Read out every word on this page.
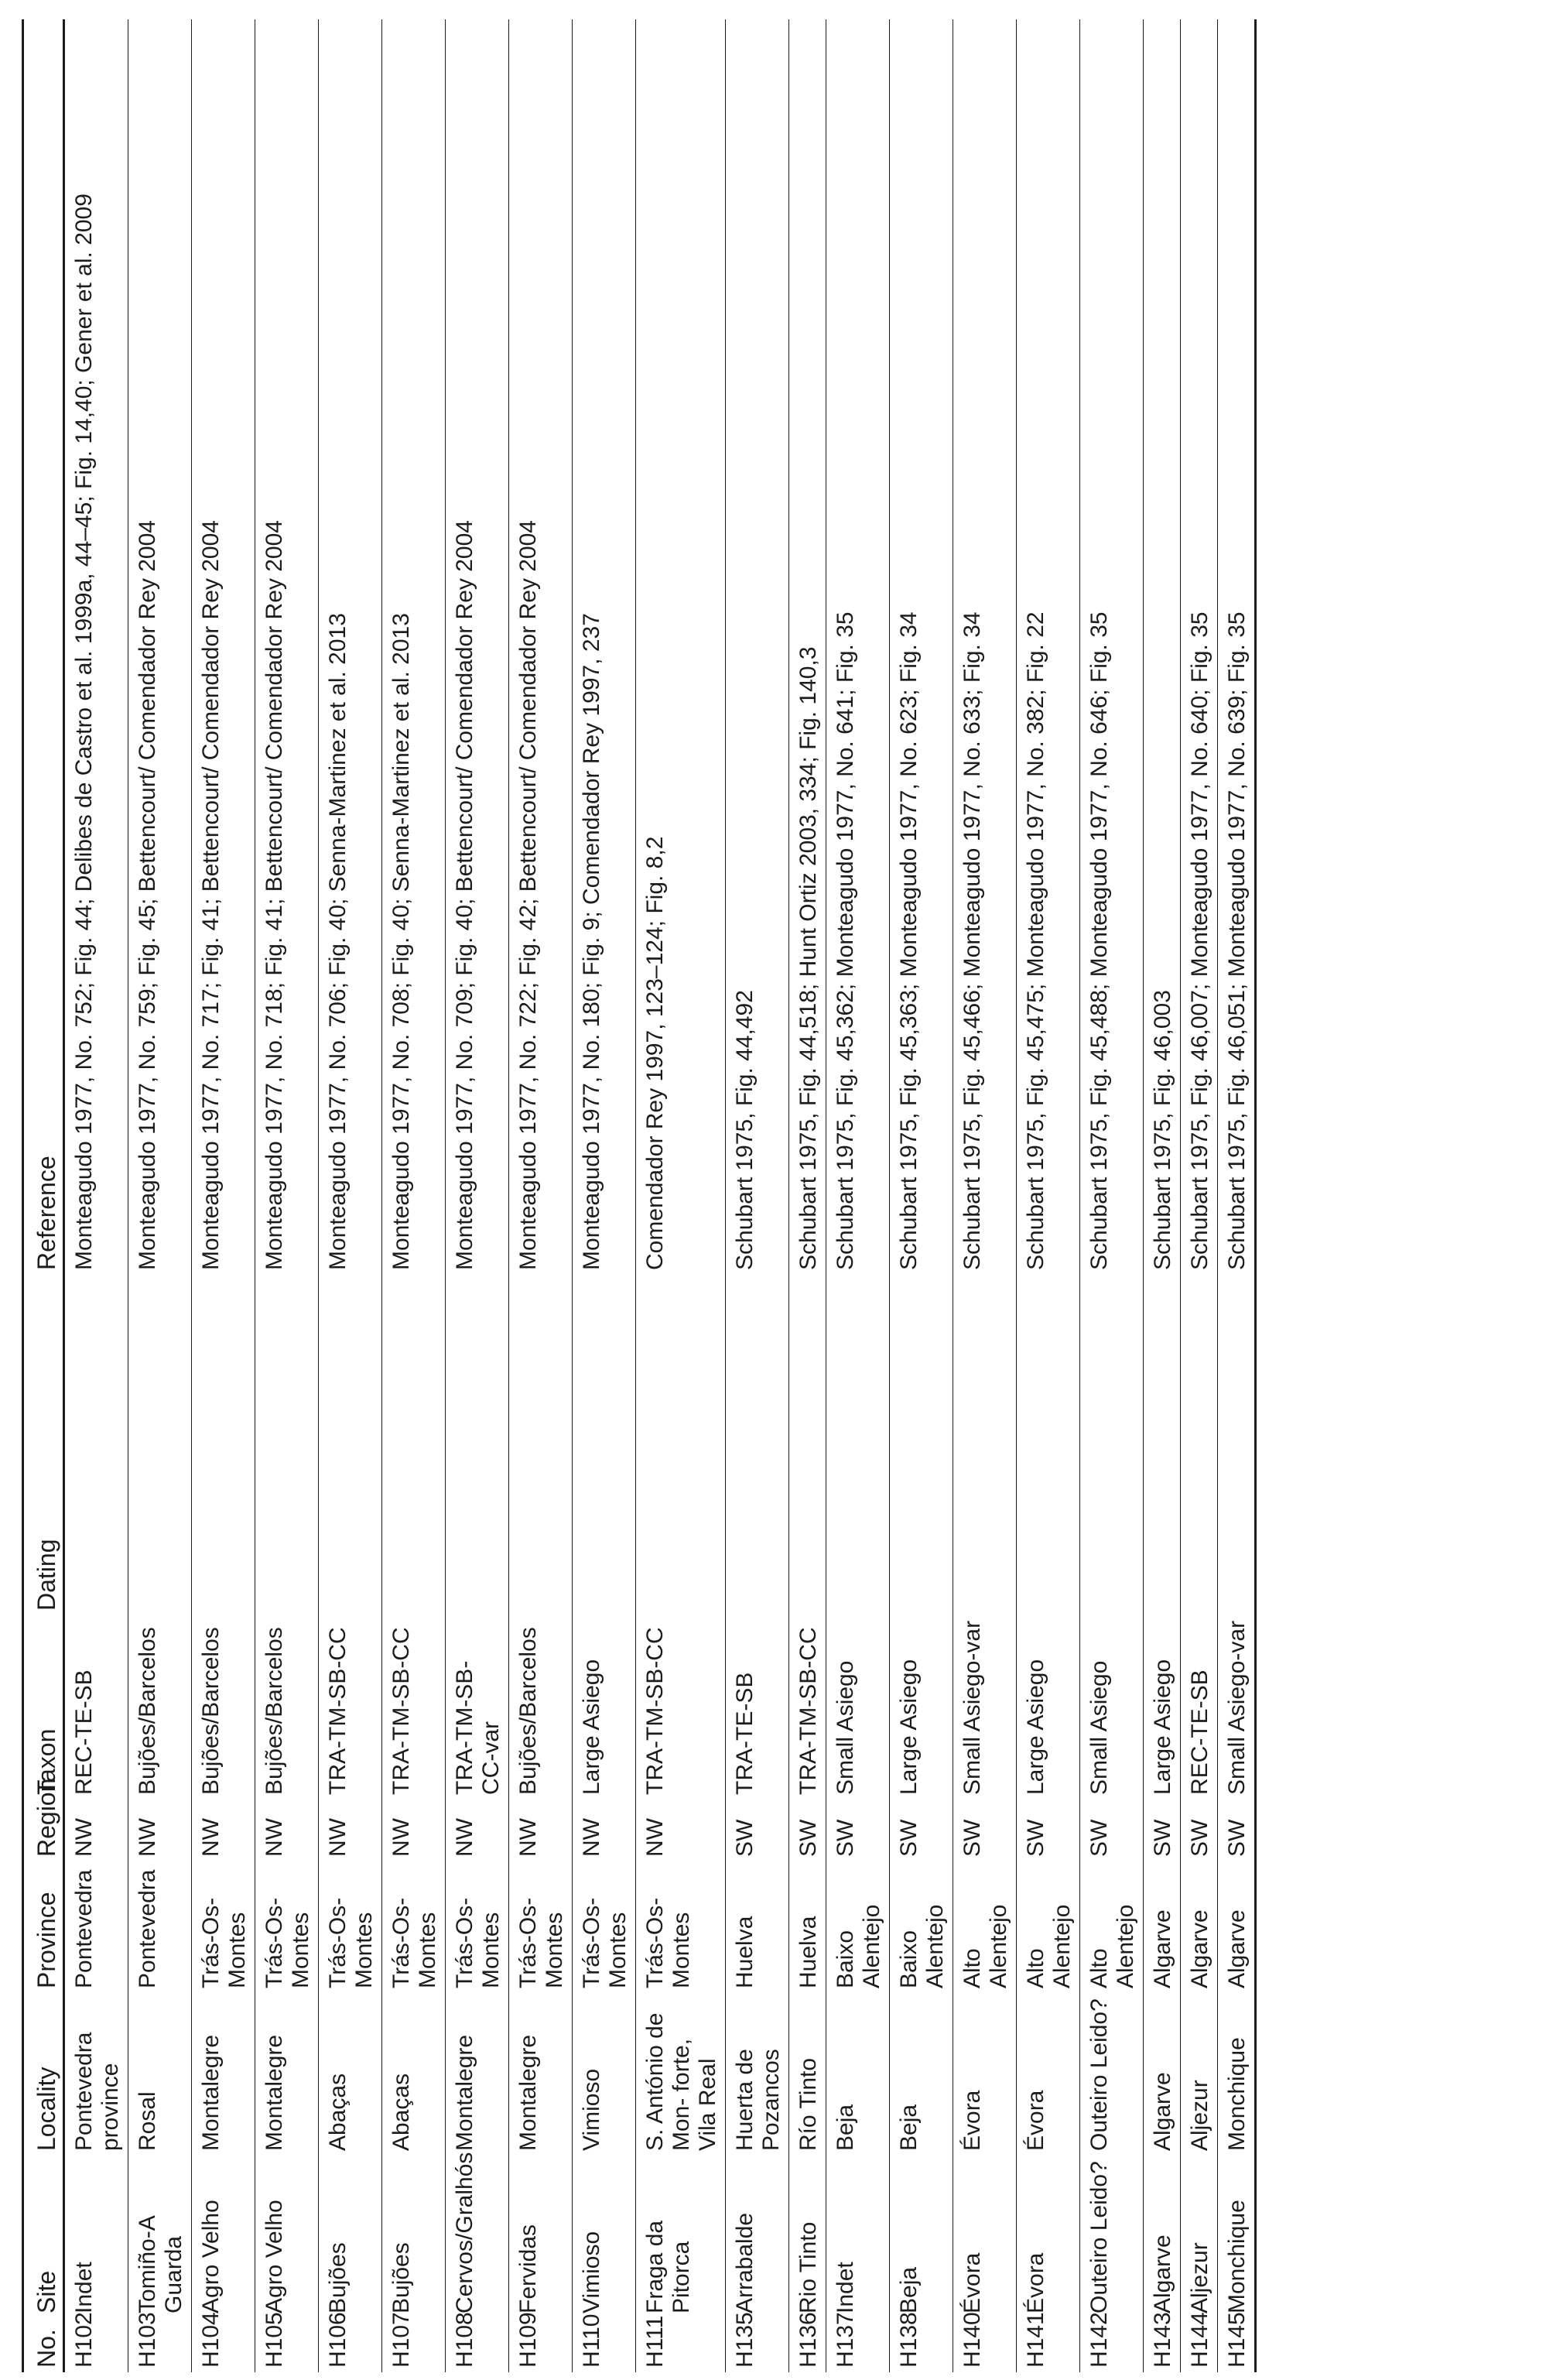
No.	Site	Locality	Province	Region	Taxon	Dating	Reference
H102	Indet	Pontevedra province	Pontevedra	NW	REC-TE-SB		Monteagudo 1977, No. 752; Fig. 44; Delibes de Castro et al. 1999a, 44–45; Fig. 14,40; Gener et al. 2009
H103	Tomiño-A Guarda	Rosal	Pontevedra	NW	Bujões/Barcelos		Monteagudo 1977, No. 759; Fig. 45; Bettencourt/ Comendador Rey 2004
H104	Agro Velho	Montalegre	Trás-Os-Montes	NW	Bujões/Barcelos		Monteagudo 1977, No. 717; Fig. 41; Bettencourt/ Comendador Rey 2004
H105	Agro Velho	Montalegre	Trás-Os-Montes	NW	Bujões/Barcelos		Monteagudo 1977, No. 718; Fig. 41; Bettencourt/ Comendador Rey 2004
H106	Bujões	Abaças	Trás-Os-Montes	NW	TRA-TM-SB-CC		Monteagudo 1977, No. 706; Fig. 40; Senna-Martinez et al. 2013
H107	Bujões	Abaças	Trás-Os-Montes	NW	TRA-TM-SB-CC		Monteagudo 1977, No. 708; Fig. 40; Senna-Martinez et al. 2013
H108	Cervos/Gralhós	Montalegre	Trás-Os-Montes	NW	TRA-TM-SB-CC-var		Monteagudo 1977, No. 709; Fig. 40; Bettencourt/ Comendador Rey 2004
H109	Fervidas	Montalegre	Trás-Os-Montes	NW	Bujões/Barcelos		Monteagudo 1977, No. 722; Fig. 42; Bettencourt/ Comendador Rey 2004
H110	Vimioso	Vimioso	Trás-Os-Montes	NW	Large Asiego		Monteagudo 1977, No. 180; Fig. 9; Comendador Rey 1997, 237
H111	Fraga da Pitorca	S. António de Mon- forte, Vila Real	Trás-Os-Montes	NW	TRA-TM-SB-CC		Comendador Rey 1997, 123–124; Fig. 8,2
H135	Arrabalde	Huerta de Pozancos	Huelva	SW	TRA-TE-SB		Schubart 1975, Fig. 44,492
H136	Rio Tinto	Río Tinto	Huelva	SW	TRA-TM-SB-CC		Schubart 1975, Fig. 44,518; Hunt Ortiz 2003, 334; Fig. 140,3
H137	Indet	Beja	Baixo Alentejo	SW	Small Asiego		Schubart 1975, Fig. 45,362; Monteagudo 1977, No. 641; Fig. 35
H138	Beja	Beja	Baixo Alentejo	SW	Large Asiego		Schubart 1975, Fig. 45,363; Monteagudo 1977, No. 623; Fig. 34
H140	Évora	Évora	Alto Alentejo	SW	Small Asiego-var		Schubart 1975, Fig. 45,466; Monteagudo 1977, No. 633; Fig. 34
H141	Évora	Évora	Alto Alentejo	SW	Large Asiego		Schubart 1975, Fig. 45,475; Monteagudo 1977, No. 382; Fig. 22
H142	Outeiro Leido?	Outeiro Leido?	Alto Alentejo	SW	Small Asiego		Schubart 1975, Fig. 45,488; Monteagudo 1977, No. 646; Fig. 35
H143	Algarve	Algarve	Algarve	SW	Large Asiego		Schubart 1975, Fig. 46,003
H144	Aljezur	Aljezur	Algarve	SW	REC-TE-SB		Schubart 1975, Fig. 46,007; Monteagudo 1977, No. 640; Fig. 35
H145	Monchique	Monchique	Algarve	SW	Small Asiego-var		Schubart 1975, Fig. 46,051; Monteagudo 1977, No. 639; Fig. 35
